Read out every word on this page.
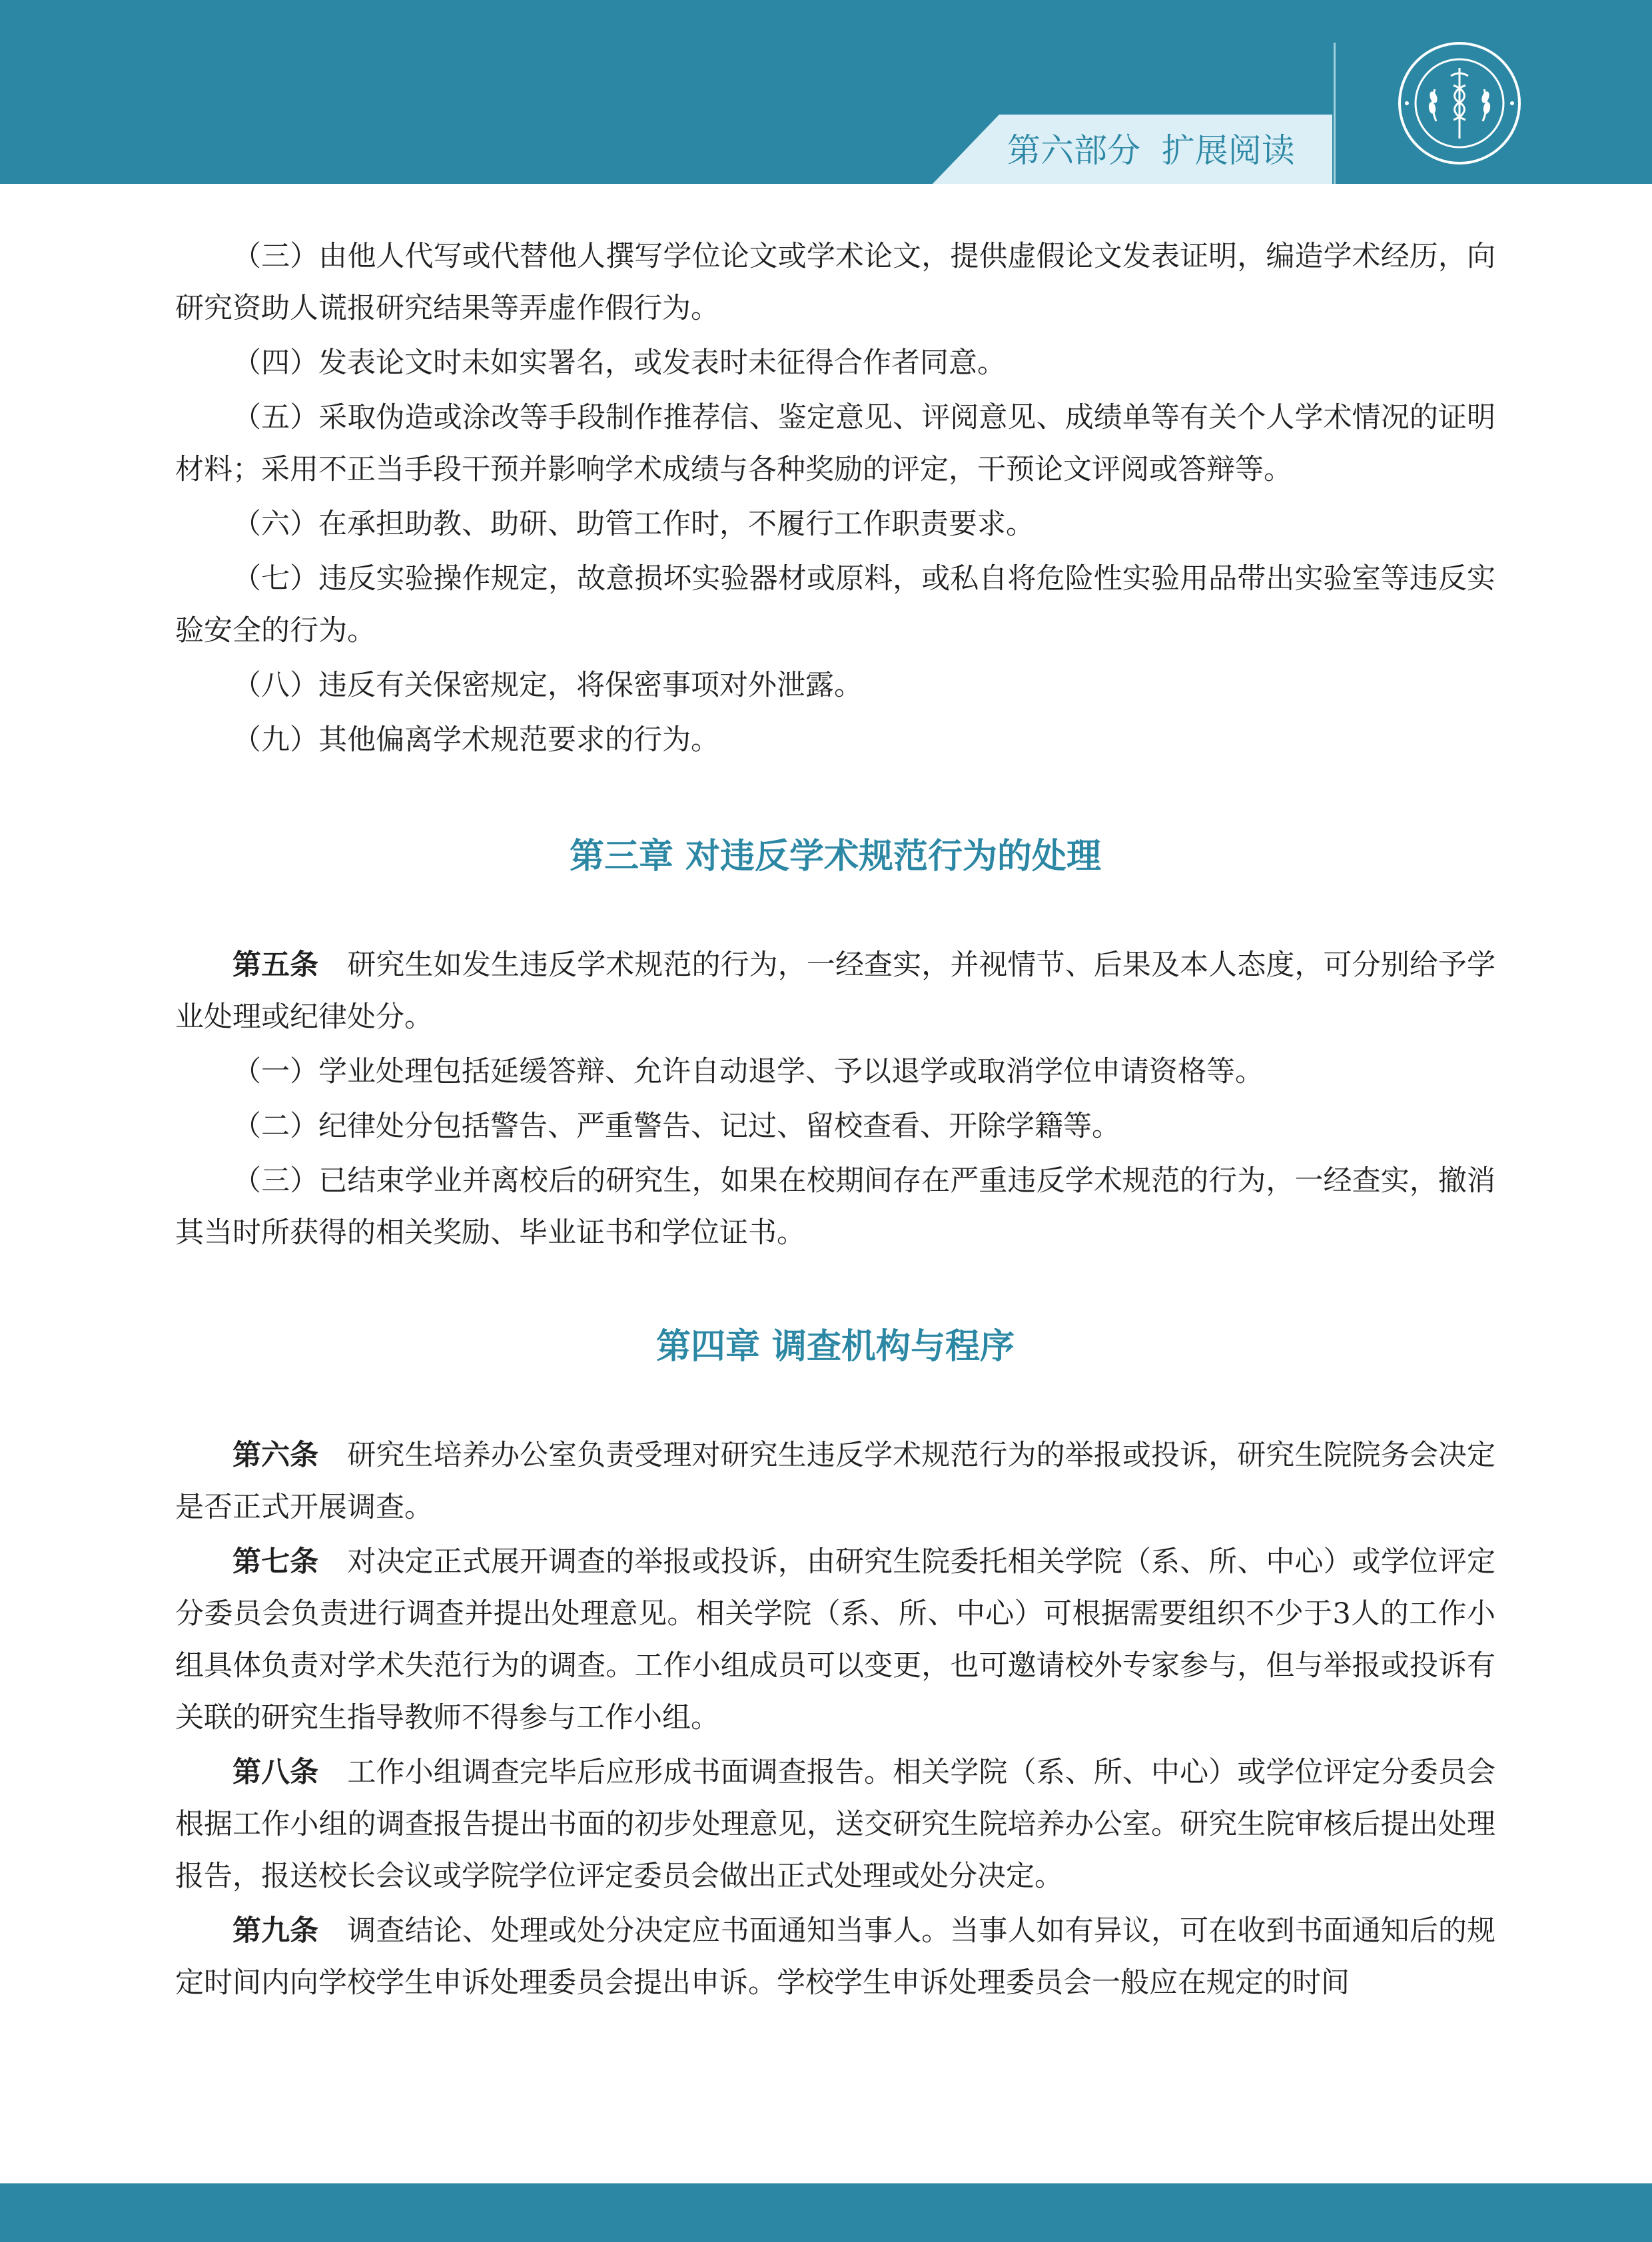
第六部分  扩展阅读

（三）由他人代写或代替他人撰写学位论文或学术论文，提供虚假论文发表证明，编造学术经历，向研究资助人谎报研究结果等弄虚作假行为。

（四）发表论文时未如实署名，或发表时未征得合作者同意。

（五）采取伪造或涂改等手段制作推荐信、鉴定意见、评阅意见、成绩单等有关个人学术情况的证明材料；采用不正当手段干预并影响学术成绩与各种奖励的评定，干预论文评阅或答辩等。

（六）在承担助教、助研、助管工作时，不履行工作职责要求。

（七）违反实验操作规定，故意损坏实验器材或原料，或私自将危险性实验用品带出实验室等违反实验安全的行为。

（八）违反有关保密规定，将保密事项对外泄露。

（九）其他偏离学术规范要求的行为。

第三章 对违反学术规范行为的处理

第五条  研究生如发生违反学术规范的行为，一经查实，并视情节、后果及本人态度，可分别给予学业处理或纪律处分。

（一）学业处理包括延缓答辩、允许自动退学、予以退学或取消学位申请资格等。

（二）纪律处分包括警告、严重警告、记过、留校查看、开除学籍等。

（三）已结束学业并离校后的研究生，如果在校期间存在严重违反学术规范的行为，一经查实，撤消其当时所获得的相关奖励、毕业证书和学位证书。

第四章 调查机构与程序

第六条  研究生培养办公室负责受理对研究生违反学术规范行为的举报或投诉，研究生院院务会决定是否正式开展调查。

第七条  对决定正式展开调查的举报或投诉，由研究生院委托相关学院（系、所、中心）或学位评定分委员会负责进行调查并提出处理意见。相关学院（系、所、中心）可根据需要组织不少于3人的工作小组具体负责对学术失范行为的调查。工作小组成员可以变更，也可邀请校外专家参与，但与举报或投诉有关联的研究生指导教师不得参与工作小组。

第八条  工作小组调查完毕后应形成书面调查报告。相关学院（系、所、中心）或学位评定分委员会根据工作小组的调查报告提出书面的初步处理意见，送交研究生院培养办公室。研究生院审核后提出处理报告，报送校长会议或学院学位评定委员会做出正式处理或处分决定。

第九条  调查结论、处理或处分决定应书面通知当事人。当事人如有异议，可在收到书面通知后的规定时间内向学校学生申诉处理委员会提出申诉。学校学生申诉处理委员会一般应在规定的时间
